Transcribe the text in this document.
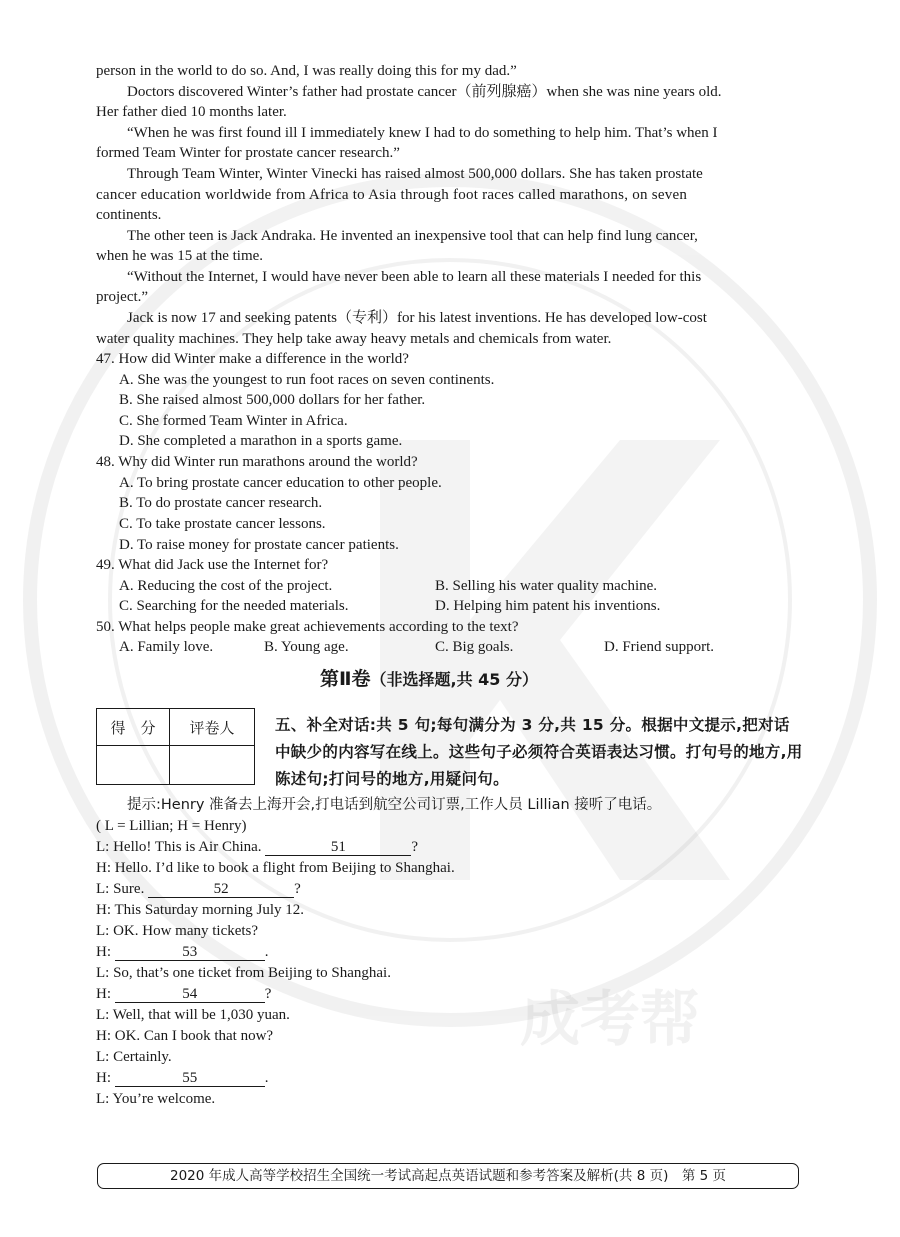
成考帮
person in the world to do so. And, I was really doing this for my dad.”
Doctors discovered Winter’s father had prostate cancer（前列腺癌）when she was nine years old.
Her father died 10 months later.
“When he was first found ill I immediately knew I had to do something to help him. That’s when I
formed Team Winter for prostate cancer research.”
Through Team Winter, Winter Vinecki has raised almost 500,000 dollars. She has taken prostate
cancer education worldwide from Africa to Asia through foot races called marathons, on seven
continents.
The other teen is Jack Andraka. He invented an inexpensive tool that can help find lung cancer,
when he was 15 at the time.
“Without the Internet, I would have never been able to learn all these materials I needed for this
project.”
Jack is now 17 and seeking patents（专利）for his latest inventions. He has developed low-cost
water quality machines. They help take away heavy metals and chemicals from water.
47. How did Winter make a difference in the world?
A. She was the youngest to run foot races on seven continents.
B. She raised almost 500,000 dollars for her father.
C. She formed Team Winter in Africa.
D. She completed a marathon in a sports game.
48. Why did Winter run marathons around the world?
A. To bring prostate cancer education to other people.
B. To do prostate cancer research.
C. To take prostate cancer lessons.
D. To raise money for prostate cancer patients.
49. What did Jack use the Internet for?
A. Reducing the cost of the project.	B. Selling his water quality machine.
C. Searching for the needed materials.	D. Helping him patent his inventions.
50. What helps people make great achievements according to the text?
A. Family love.	B. Young age.	C. Big goals.	D. Friend support.
第Ⅱ卷（非选择题,共 45 分）
得　分	评卷人
		五、补全对话:共 5 句;每句满分为 3 分,共 15 分。根据中文提示,把对话中缺少的内容写在线上。这些句子必须符合英语表达习惯。打句号的地方,用陈述句;打问号的地方,用疑问句。
提示:Henry 准备去上海开会,打电话到航空公司订票,工作人员 Lillian 接听了电话。
( L = Lillian; H = Henry)
L: Hello! This is Air China.	51	?
H: Hello. I’d like to book a flight from Beijing to Shanghai.
L: Sure.	52	?
H: This Saturday morning July 12.
L: OK. How many tickets?
H:	53	.
L: So, that’s one ticket from Beijing to Shanghai.
H:	54	?
L: Well, that will be 1,030 yuan.
H: OK. Can I book that now?
L: Certainly.
H:	55	.
L: You’re welcome.
2020 年成人高等学校招生全国统一考试高起点英语试题和参考答案及解析(共 8 页)　第 5 页
